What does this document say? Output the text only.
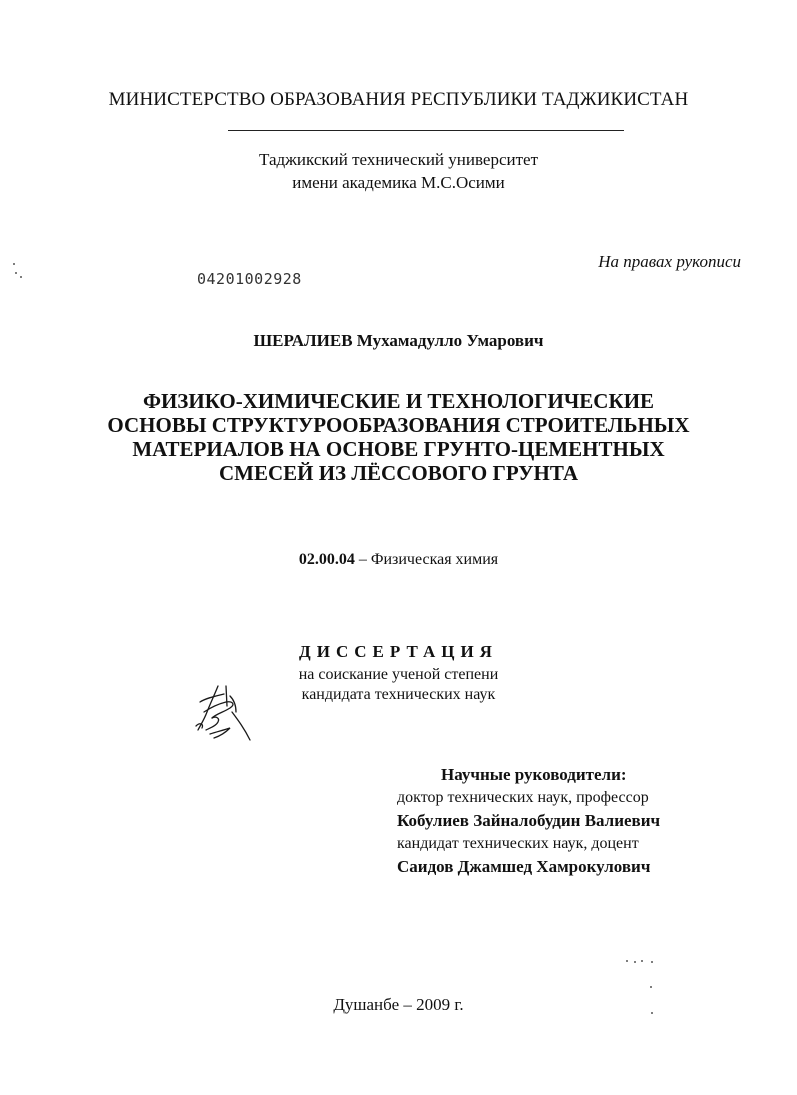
МИНИСТЕРСТВО ОБРАЗОВАНИЯ РЕСПУБЛИКИ ТАДЖИКИСТАН
Таджикский технический университет
имени академика М.С.Осими
На правах рукописи
04201002928
ШЕРАЛИЕВ Мухамадулло Умарович
ФИЗИКО-ХИМИЧЕСКИЕ И ТЕХНОЛОГИЧЕСКИЕ
ОСНОВЫ СТРУКТУРООБРАЗОВАНИЯ СТРОИТЕЛЬНЫХ
МАТЕРИАЛОВ НА ОСНОВЕ ГРУНТО-ЦЕМЕНТНЫХ
СМЕСЕЙ ИЗ ЛЁССОВОГО ГРУНТА
02.00.04 – Физическая химия
ДИССЕРТАЦИЯ
на соискание ученой степени
кандидата технических наук
Научные руководители:
доктор технических наук, профессор
Кобулиев Зайналобудин Валиевич
кандидат технических наук, доцент
Саидов Джамшед Хамрокулович
Душанбе – 2009 г.
